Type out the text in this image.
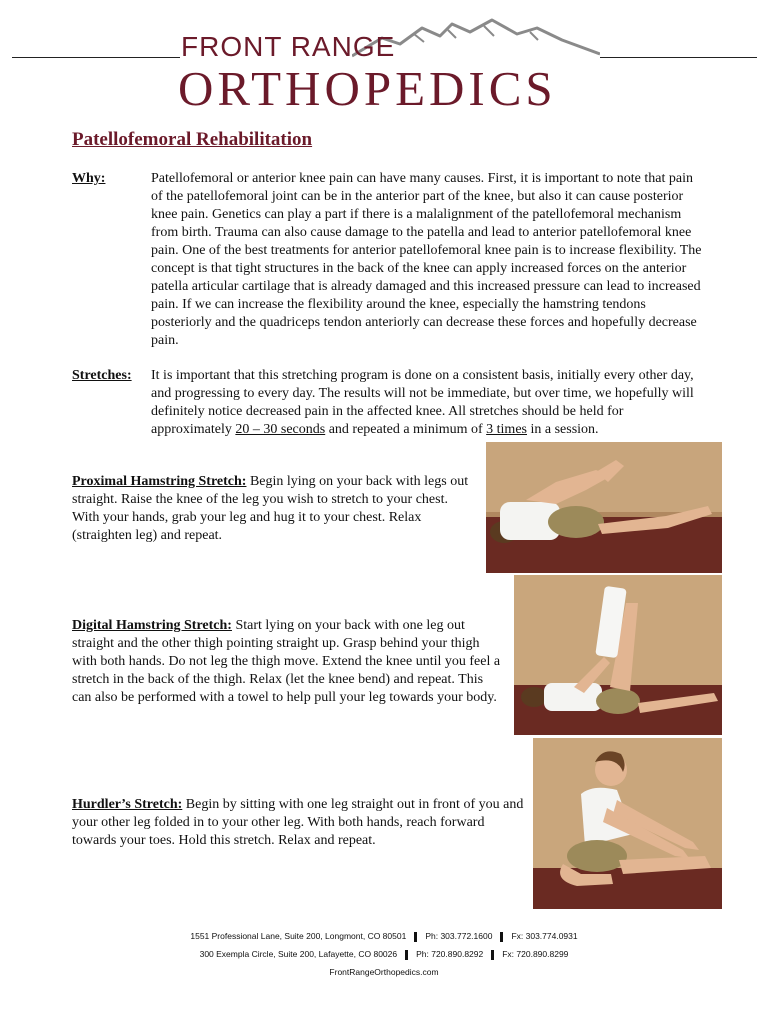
FRONT RANGE
ORTHOPEDICS
Patellofemoral Rehabilitation
Why:	Patellofemoral or anterior knee pain can have many causes. First, it is important to note that pain of the patellofemoral joint can be in the anterior part of the knee, but also it can cause posterior knee pain. Genetics can play a part if there is a malalignment of the patellofemoral mechanism from birth. Trauma can also cause damage to the patella and lead to anterior patellofemoral knee pain. One of the best treatments for anterior patellofemoral knee pain is to increase flexibility. The concept is that tight structures in the back of the knee can apply increased forces on the anterior patella articular cartilage that is already damaged and this increased pressure can lead to increased pain. If we can increase the flexibility around the knee, especially the hamstring tendons posteriorly and the quadriceps tendon anteriorly can decrease these forces and hopefully decrease pain.
Stretches: It is important that this stretching program is done on a consistent basis, initially every other day, and progressing to every day. The results will not be immediate, but over time, we hopefully will definitely notice decreased pain in the affected knee. All stretches should be held for approximately 20 – 30 seconds and repeated a minimum of 3 times in a session.
Proximal Hamstring Stretch: Begin lying on your back with legs out straight. Raise the knee of the leg you wish to stretch to your chest. With your hands, grab your leg and hug it to your chest. Relax (straighten leg) and repeat.
Digital Hamstring Stretch: Start lying on your back with one leg out straight and the other thigh pointing straight up. Grasp behind your thigh with both hands. Do not leg the thigh move. Extend the knee until you feel a stretch in the back of the thigh. Relax (let the knee bend) and repeat. This can also be performed with a towel to help pull your leg towards your body.
Hurdler’s Stretch: Begin by sitting with one leg straight out in front of you and your other leg folded in to your other leg. With both hands, reach forward towards your toes. Hold this stretch. Relax and repeat.
1551 Professional Lane, Suite 200, Longmont, CO 80501 Ph: 303.772.1600 Fx: 303.774.0931
300 Exempla Circle, Suite 200, Lafayette, CO 80026 Ph: 720.890.8292 Fx: 720.890.8299
FrontRangeOrthopedics.com
